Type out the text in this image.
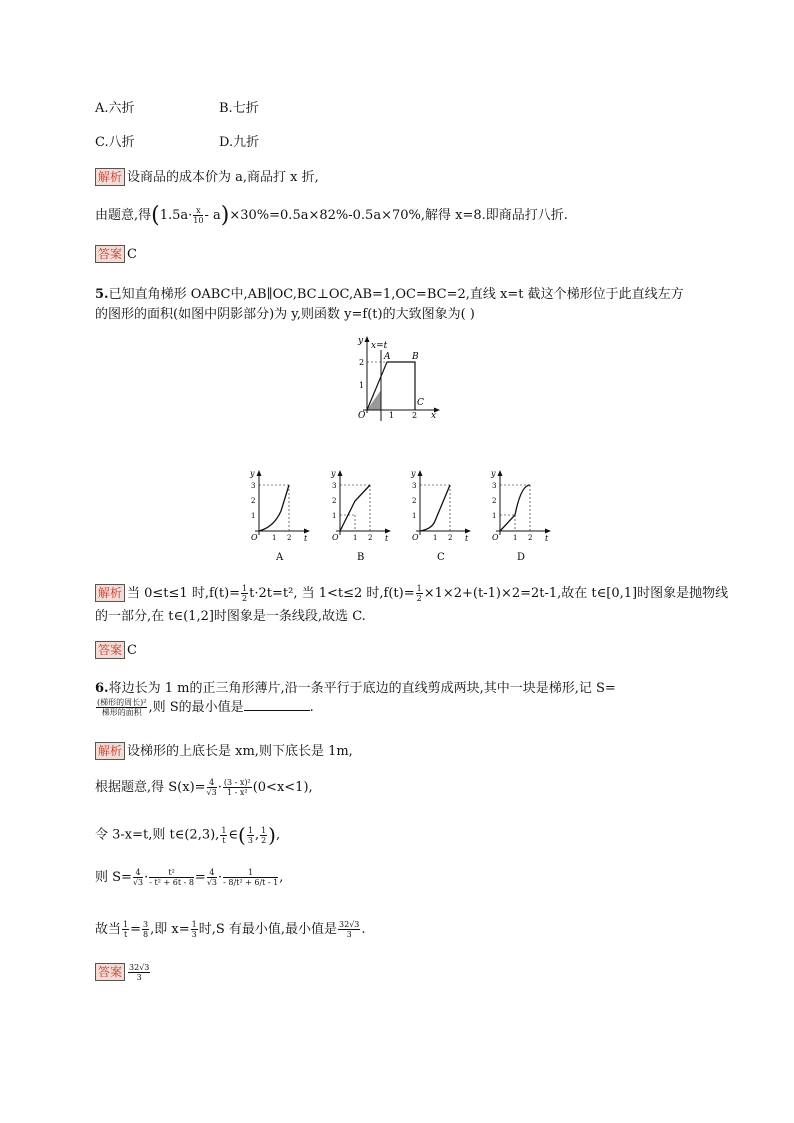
A.六折	B.七折
C.八折	D.九折
解析 设商品的成本价为 a,商品打 x 折,
由题意,得$(1.5a\cdot \frac{x}{10} - a)\times 30\%=0.5a\times 82\%-0.5a\times 70\%$,解得 x=8.即商品打八折.
答案 C
5.已知直角梯形 OABC中,AB∥OC,BC⊥OC,AB=1,OC=BC=2,直线 x=t 截这个梯形位于此直线左方
的图形的面积(如图中阴影部分)为 y,则函数 y=f(t)的大致图象为( )
y x=t
A B
C
O
2
1
1 2 x
y
3
2
1
O 1 2 t
A
y
3
2
1
O 1 2 t
B
y
3
2
1
O 1 2 t
C
y
3
2
1
O 1 2 t
D
解析 当 0≤t≤1 时$,f(t)= \frac{1}{2} t\cdot 2t=t^2$, 当 1<t≤2 时$,f(t)= \frac{1}{2} \times 1\times 2+(t-1)\times 2=2t-1$,故在 t∈[0,1]时图象是抛物线
的一部分,在 t∈(1,2]时图象是一条线段,故选 C.
答案 C
6.将边长为 1 m的正三角形薄片,沿一条平行于底边的直线剪成两块,其中一块是梯形,记 S=
$\frac{\text{(梯形的周长)²}}{\text{梯形的面积}}$ ,则 S的最小值是	.
解析 设梯形的上底长是 xm,则下底长是 1m,
根据题意,得 $S(x)= \frac{4}{√3} \cdot \frac{\text{(3 - x)²}}{\text{1 - x²}} (0<x<1)$,
令 3-x=t,则 t∈(2,3), $\frac{1}{t}$ ∈( $\frac{1}{3}$ , $\frac{1}{2}$ ),
则 $S= \frac{4}{√3} \cdot \frac{\text{t²}}{\text{- t² + 6t - 8}} = \frac{4}{√3} \cdot \frac{1}{\text{- 8/t² + 6/t - 1}}$ ,
故当 $\frac{1}{t} = \frac{3}{8}$ ,即 $x= \frac{1}{3}$ 时,S 有最小值,最小值是 $\frac{32√3}{3}$ .
答案 $\frac{32√3}{3}$
